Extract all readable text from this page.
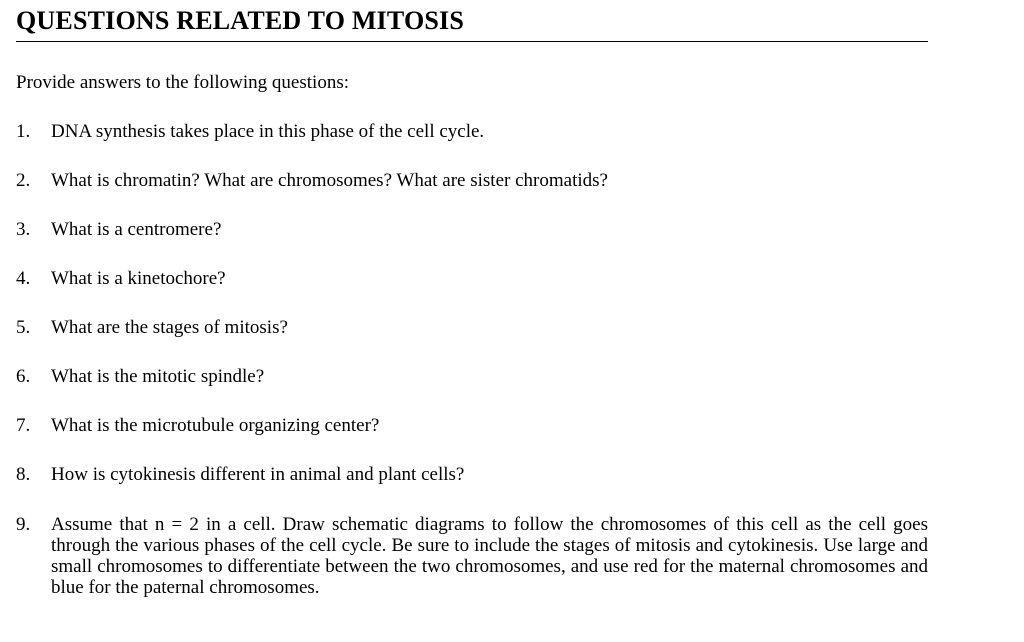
QUESTIONS RELATED TO MITOSIS
Provide answers to the following questions:
1.	DNA synthesis takes place in this phase of the cell cycle.
2.	What is chromatin? What are chromosomes? What are sister chromatids?
3.	What is a centromere?
4.	What is a kinetochore?
5.	What are the stages of mitosis?
6.	What is the mitotic spindle?
7.	What is the microtubule organizing center?
8.	How is cytokinesis different in animal and plant cells?
9.	Assume that n = 2 in a cell. Draw schematic diagrams to follow the chromosomes of this cell as the cell goes through the various phases of the cell cycle. Be sure to include the stages of mitosis and cytokinesis. Use large and small chromosomes to differentiate between the two chromosomes, and use red for the maternal chromosomes and blue for the paternal chromosomes.
